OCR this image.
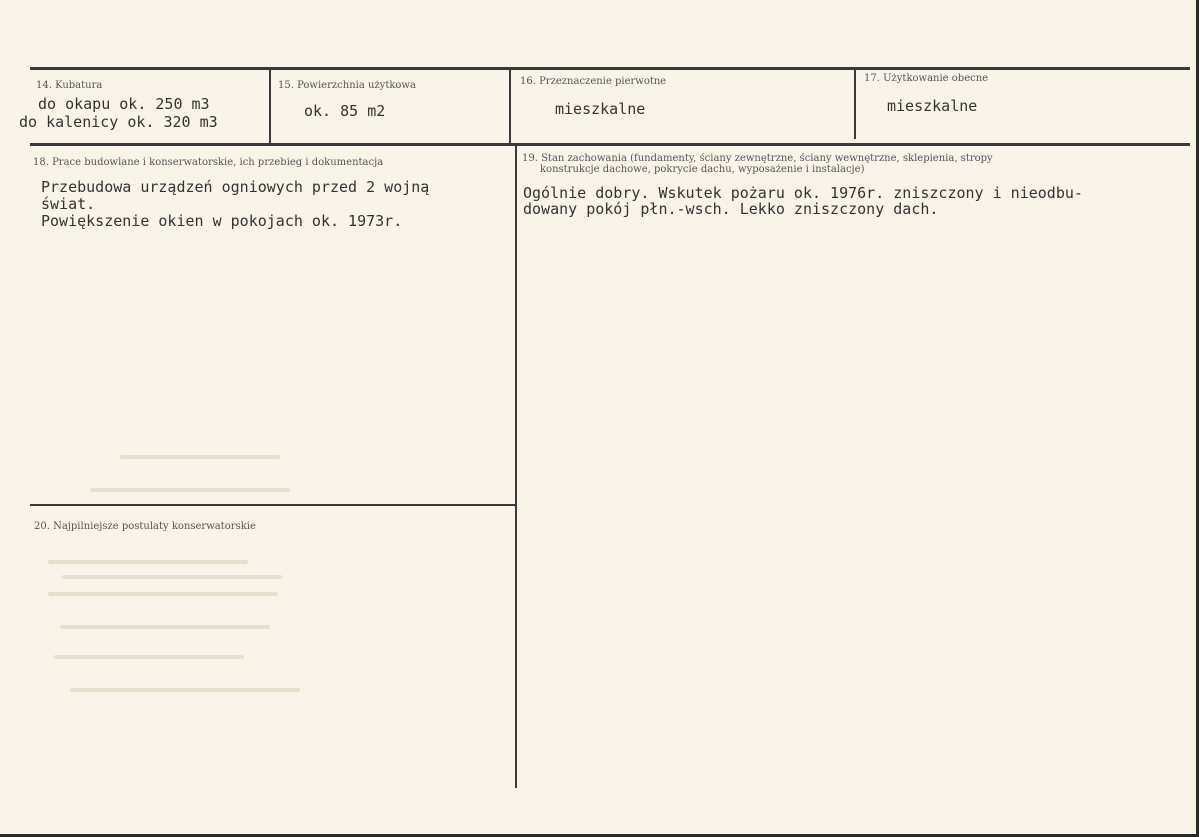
14. Kubatura
do okapu ok. 250 m3
do kalenicy ok. 320 m3
15. Powierzchnia użytkowa
ok. 85 m2
16. Przeznaczenie pierwotne
mieszkalne
17. Użytkowanie obecne
mieszkalne
18. Prace budowlane i konserwatorskie, ich przebieg i dokumentacja
Przebudowa urządzeń ogniowych przed 2 wojną
świat.
Powiększenie okien w pokojach ok. 1973r.
19. Stan zachowania (fundamenty, ściany zewnętrzne, ściany wewnętrzne, sklepienia, stropy
konstrukcje dachowe, pokrycie dachu, wyposażenie i instalacje)
Ogólnie dobry. Wskutek pożaru ok. 1976r. zniszczony i nieodbu-
dowany pokój płn.-wsch. Lekko zniszczony dach.
20. Najpilniejsze postulaty konserwatorskie
